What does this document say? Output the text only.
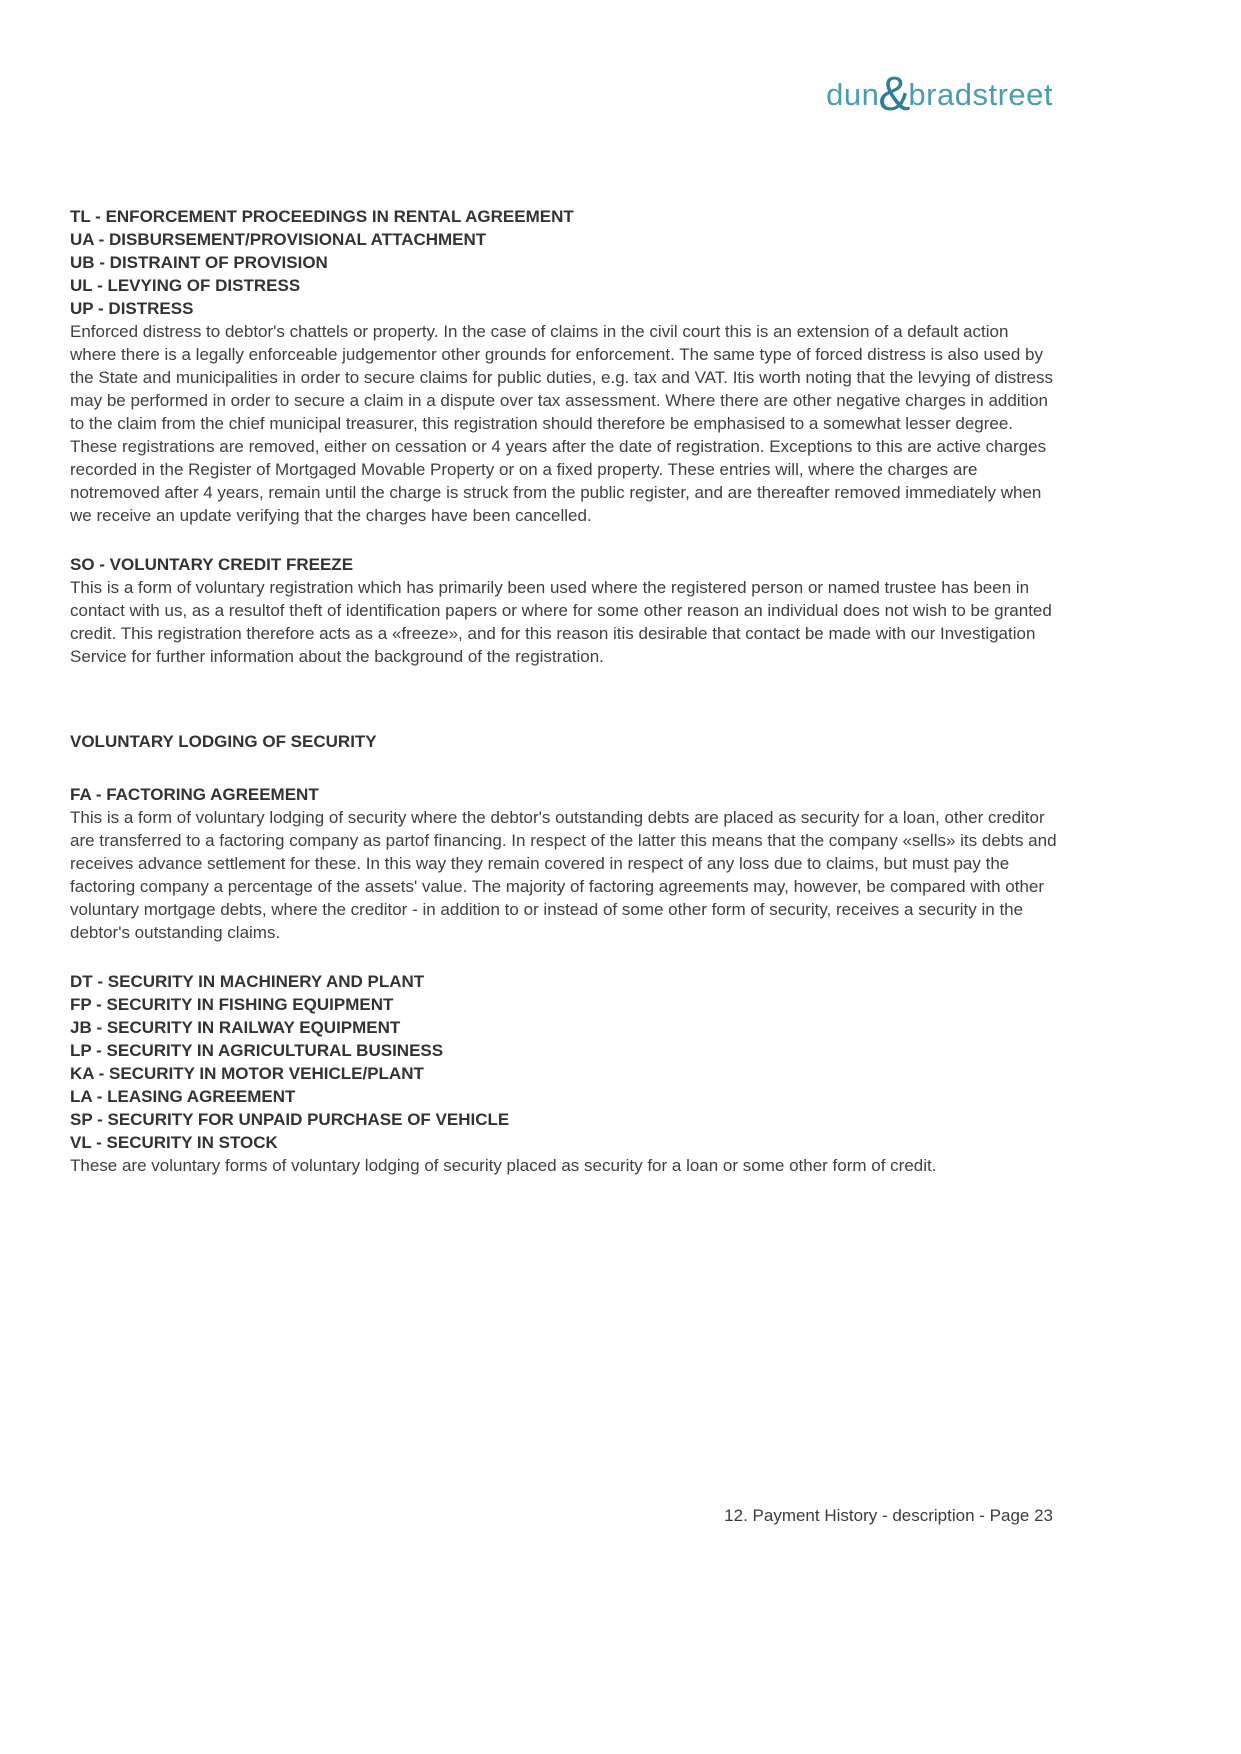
dun &
bradstreet

TL - ENFORCEMENT PROCEEDINGS IN RENTAL AGREEMENT

UA - DISBURSEMENT/PROVISIONAL ATTACHMENT

UB - DISTRAINT OF PROVISION

UL - LEVYING OF DISTRESS

UP - DISTRESS

Enforced distress to debtor's chattels or property. In the case of claims in the civil court this is an extension of a default action where there is a legally enforceable judgementor other grounds for enforcement. The same type of forced distress is also used by the State and municipalities in order to secure claims for public duties, e.g. tax and VAT. Itis worth noting that the levying of distress may be performed in order to secure a claim in a dispute over tax assessment. Where there are other negative charges in addition to the claim from the chief municipal treasurer, this registration should therefore be emphasised to a somewhat lesser degree. These registrations are removed, either on cessation or 4 years after the date of registration. Exceptions to this are active charges recorded in the Register of Mortgaged Movable Property or on a fixed property. These entries will, where the charges are notremoved after 4 years, remain until the charge is struck from the public register, and are thereafter removed immediately when we receive an update verifying that the charges have been cancelled.

SO - VOLUNTARY CREDIT FREEZE

This is a form of voluntary registration which has primarily been used where the registered person or named trustee has been in contact with us, as a resultof theft of identification papers or where for some other reason an individual does not wish to be granted credit. This registration therefore acts as a «freeze», and for this reason itis desirable that contact be made with our Investigation Service for further information about the background of the registration.

VOLUNTARY LODGING OF SECURITY

FA - FACTORING AGREEMENT

This is a form of voluntary lodging of security where the debtor's outstanding debts are placed as security for a loan, other creditor are transferred to a factoring company as partof financing. In respect of the latter this means that the company «sells» its debts and receives advance settlement for these. In this way they remain covered in respect of any loss due to claims, but must pay the factoring company a percentage of the assets' value. The majority of factoring agreements may, however, be compared with other voluntary mortgage debts, where the creditor - in addition to or instead of some other form of security, receives a security in the debtor's outstanding claims.

DT - SECURITY IN MACHINERY AND PLANT

FP - SECURITY IN FISHING EQUIPMENT

JB - SECURITY IN RAILWAY EQUIPMENT

LP - SECURITY IN AGRICULTURAL BUSINESS

KA - SECURITY IN MOTOR VEHICLE/PLANT

LA - LEASING AGREEMENT

SP - SECURITY FOR UNPAID PURCHASE OF VEHICLE

VL - SECURITY IN STOCK

These are voluntary forms of voluntary lodging of security placed as security for a loan or some other form of credit.

12. Payment History - description - Page 23
